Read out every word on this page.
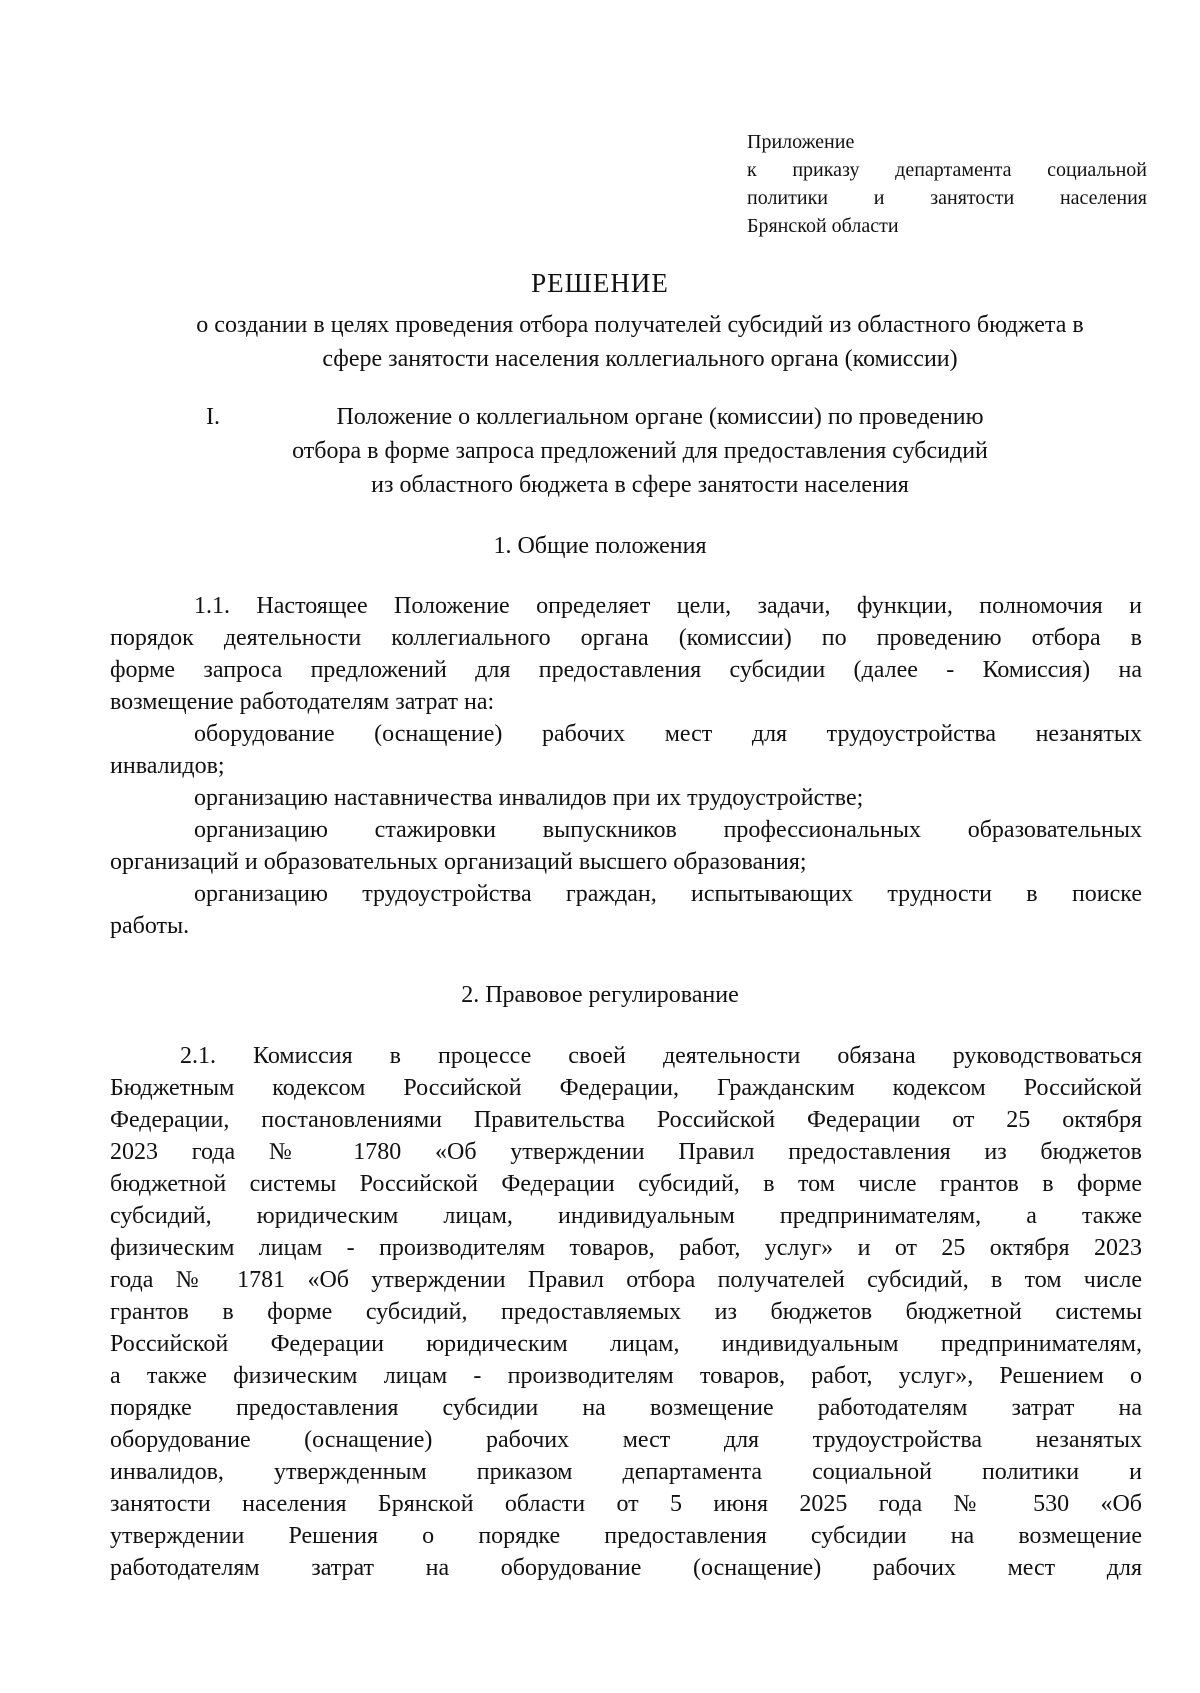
Приложение
к приказу департамента социальной
политики и занятости населения
Брянской области
РЕШЕНИЕ
о создании в целях проведения отбора получателей субсидий из областного бюджета в
сфере занятости населения коллегиального органа (комиссии)
I.	Положение о коллегиальном органе (комиссии) по проведению
отбора в форме запроса предложений для предоставления субсидий
из областного бюджета в сфере занятости населения
1. Общие положения
1.1. Настоящее Положение определяет цели, задачи, функции, полномочия и
порядок деятельности коллегиального органа (комиссии) по проведению отбора в
форме запроса предложений для предоставления субсидии (далее - Комиссия) на
возмещение работодателям затрат на:
оборудование (оснащение) рабочих мест для трудоустройства незанятых
инвалидов;
организацию наставничества инвалидов при их трудоустройстве;
организацию стажировки выпускников профессиональных образовательных
организаций и образовательных организаций высшего образования;
организацию трудоустройства граждан, испытывающих трудности в поиске
работы.
2. Правовое регулирование
2.1. Комиссия в процессе своей деятельности обязана руководствоваться
Бюджетным кодексом Российской Федерации, Гражданским кодексом Российской
Федерации, постановлениями Правительства Российской Федерации от 25 октября
2023 года № 1780 «Об утверждении Правил предоставления из бюджетов
бюджетной системы Российской Федерации субсидий, в том числе грантов в форме
субсидий, юридическим лицам, индивидуальным предпринимателям, а также
физическим лицам - производителям товаров, работ, услуг» и от 25 октября 2023
года № 1781 «Об утверждении Правил отбора получателей субсидий, в том числе
грантов в форме субсидий, предоставляемых из бюджетов бюджетной системы
Российской Федерации юридическим лицам, индивидуальным предпринимателям,
а также физическим лицам - производителям товаров, работ, услуг», Решением о
порядке предоставления субсидии на возмещение работодателям затрат на
оборудование (оснащение) рабочих мест для трудоустройства незанятых
инвалидов, утвержденным приказом департамента социальной политики и
занятости населения Брянской области от 5 июня 2025 года № 530 «Об
утверждении Решения о порядке предоставления субсидии на возмещение
работодателям затрат на оборудование (оснащение) рабочих мест для
